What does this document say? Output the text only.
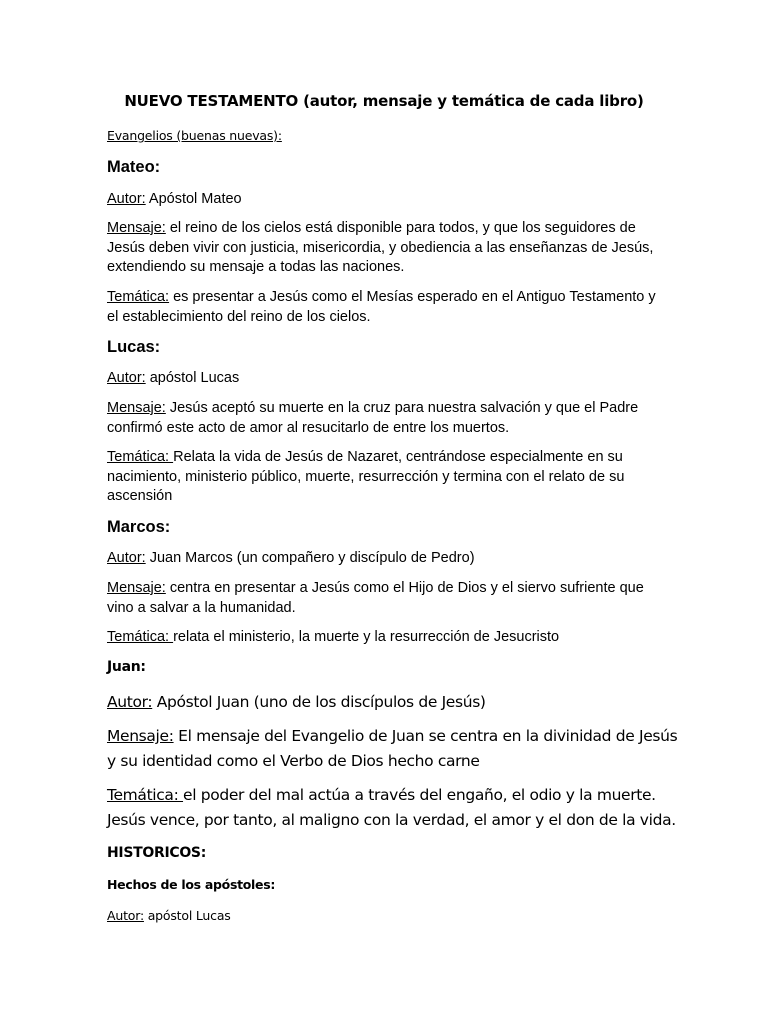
NUEVO TESTAMENTO (autor, mensaje y temática de cada libro)
Evangelios (buenas nuevas):
Mateo:
Autor: Apóstol Mateo
Mensaje: el reino de los cielos está disponible para todos, y que los seguidores de Jesús deben vivir con justicia, misericordia, y obediencia a las enseñanzas de Jesús, extendiendo su mensaje a todas las naciones.
Temática: es presentar a Jesús como el Mesías esperado en el Antiguo Testamento y el establecimiento del reino de los cielos.
Lucas:
Autor: apóstol Lucas
Mensaje: Jesús aceptó su muerte en la cruz para nuestra salvación y que el Padre confirmó este acto de amor al resucitarlo de entre los muertos.
Temática: Relata la vida de Jesús de Nazaret, centrándose especialmente en su nacimiento, ministerio público, muerte, resurrección y termina con el relato de su ascensión
Marcos:
Autor: Juan Marcos (un compañero y discípulo de Pedro)
Mensaje: centra en presentar a Jesús como el Hijo de Dios y el siervo sufriente que vino a salvar a la humanidad.
Temática: relata el ministerio, la muerte y la resurrección de Jesucristo
Juan:
Autor: Apóstol Juan (uno de los discípulos de Jesús)
Mensaje: El mensaje del Evangelio de Juan se centra en la divinidad de Jesús y su identidad como el Verbo de Dios hecho carne
Temática: el poder del mal actúa a través del engaño, el odio y la muerte. Jesús vence, por tanto, al maligno con la verdad, el amor y el don de la vida.
HISTORICOS:
Hechos de los apóstoles:
Autor: apóstol Lucas
